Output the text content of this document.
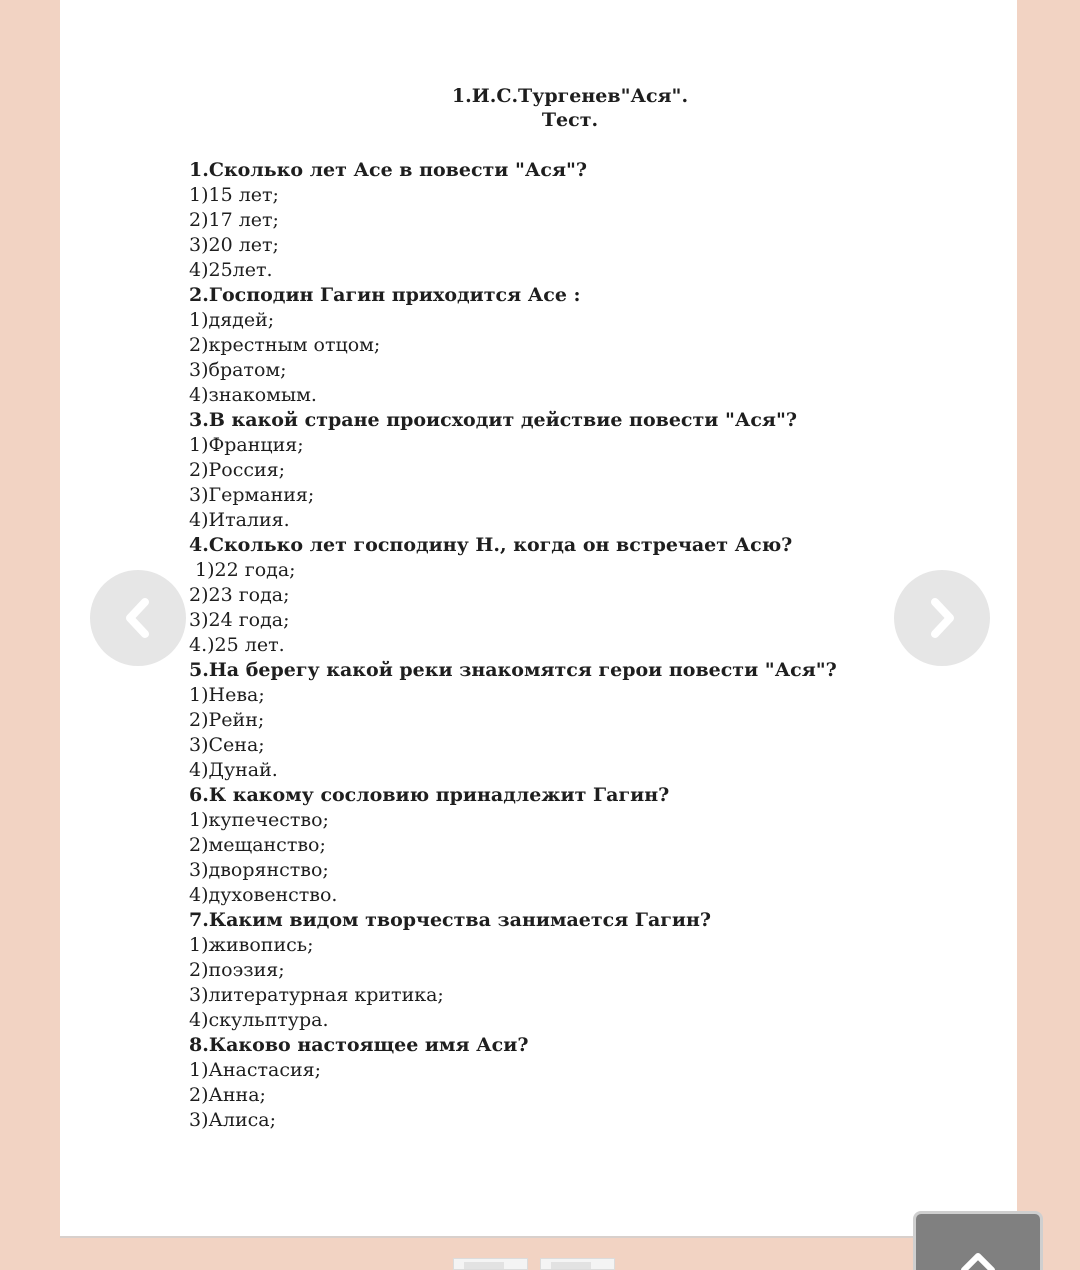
1.И.С.Тургенев"Ася".
Тест.
1.Сколько лет Асе в повести "Ася"?
1)15 лет;
2)17 лет;
3)20 лет;
4)25лет.
2.Господин Гагин приходится Асе :
1)дядей;
2)крестным отцом;
3)братом;
4)знакомым.
3.В какой стране происходит действие повести "Ася"?
1)Франция;
2)Россия;
3)Германия;
4)Италия.
4.Сколько лет господину Н., когда он встречает Асю?
1)22 года;
2)23 года;
3)24 года;
4.)25 лет.
5.На берегу какой реки знакомятся герои повести "Ася"?
1)Нева;
2)Рейн;
3)Сена;
4)Дунай.
6.К какому сословию принадлежит Гагин?
1)купечество;
2)мещанство;
3)дворянство;
4)духовенство.
7.Каким видом творчества занимается Гагин?
1)живопись;
2)поэзия;
3)литературная критика;
4)скульптура.
8.Каково настоящее имя Аси?
1)Анастасия;
2)Анна;
3)Алиса;
